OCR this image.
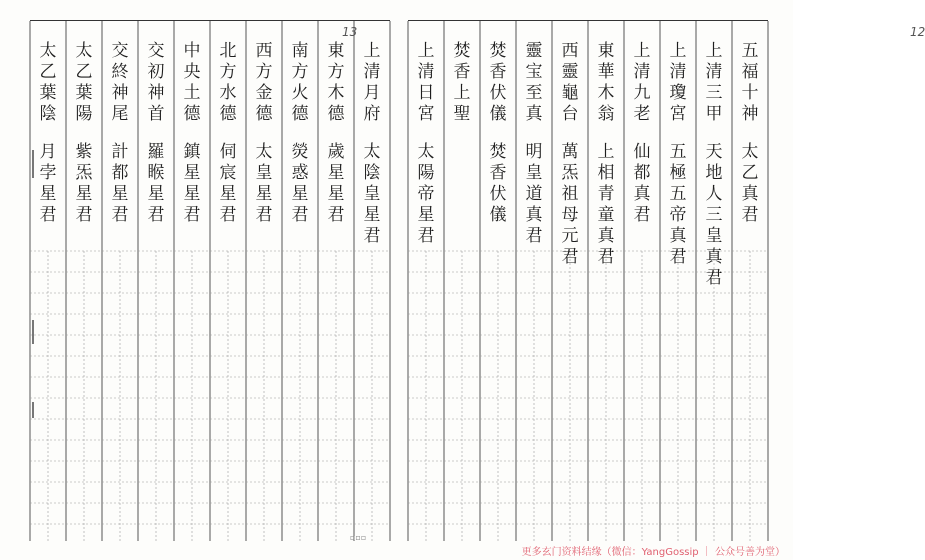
13
▫▫▫
上清月府
太陰皇星君
東方木德
歲星星君
南方火德
熒惑星君
西方金德
太皇星君
北方水德
伺宸星君
中央土德
鎮星星君
交初神首
羅睺星君
交終神尾
計都星君
太乙葉陽
紫炁星君
太乙葉陰
月孛星君
12
五福十神
太乙真君
上清三甲
天地人三皇真君
上清瓊宮
五極五帝真君
上清九老
仙都真君
東華木翁
上相青童真君
西靈龜台
萬炁祖母元君
靈宝至真
明皇道真君
焚香伏儀
焚香伏儀
焚香上聖
上清日宮
太陽帝星君
更多玄门资料结缘（微信：YangGossip ｜ 公众号善为堂）
